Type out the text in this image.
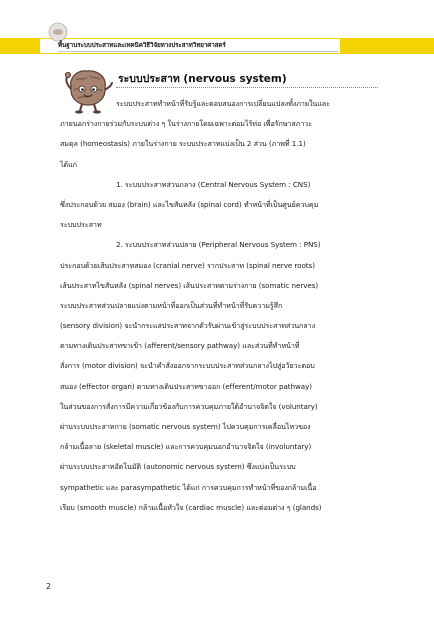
พื้นฐานระบบประสาทและเทคนิควิธีวิจัยทางประสาทวิทยาศาสตร์
ระบบประสาท (nervous system)
ระบบประสาททำหน้าที่รับรู้และตอบสนองการเปลี่ยนแปลงทั้งภายในและ
ภายนอกร่างกายร่วมกับระบบต่าง ๆ ในร่างกายโดยเฉพาะต่อมไร้ท่อ เพื่อรักษาสภาวะ
สมดุล (homeostasis) ภายในร่างกาย ระบบประสาทแบ่งเป็น 2 ส่วน (ภาพที่ 1.1)
ได้แก่
1. ระบบประสาทส่วนกลาง (Central Nervous System : CNS)
ซึ่งประกอบด้วย สมอง (brain) และไขสันหลัง (spinal cord) ทำหน้าที่เป็นศูนย์ควบคุม
ระบบประสาท
2. ระบบประสาทส่วนปลาย (Peripheral Nervous System : PNS)
ประกอบด้วยเส้นประสาทสมอง (cranial nerve) รากประสาท (spinal nerve roots)
เส้นประสาทไขสันหลัง (spinal nerves) เส้นประสาทตามร่างกาย (somatic nerves)
ระบบประสาทส่วนปลายแบ่งตามหน้าที่ออกเป็นส่วนที่ทำหน้าที่รับความรู้สึก
(sensory division) จะนำกระแสประสาทจากตัวรับผ่านเข้าสู่ระบบประสาทส่วนกลาง
ตามทางเดินประสาทขาเข้า (afferent/sensory pathway) และส่วนที่ทำหน้าที่
สั่งการ (motor division) จะนำคำสั่งออกจากระบบประสาทส่วนกลางไปสู่อวัยวะตอบ
สนอง (effector organ) ตามทางเดินประสาทขาออก (efferent/motor pathway)
ในส่วนของการสั่งการมีความเกี่ยวข้องกับการควบคุมภายใต้อำนาจจิตใจ (voluntary)
ผ่านระบบประสาทกาย (somatic nervous system) ไปควบคุมการเคลื่อนไหวของ
กล้ามเนื้อลาย (skeletal muscle) และการควบคุมนอกอำนาจจิตใจ (involuntary)
ผ่านระบบประสาทอัตโนมัติ (autonomic nervous system) ซึ่งแบ่งเป็นระบบ
sympathetic และ parasympathetic ได้แก่ การควบคุมการทำหน้าที่ของกล้ามเนื้อ
เรียบ (smooth muscle) กล้ามเนื้อหัวใจ (cardiac muscle) และต่อมต่าง ๆ (glands)
2
